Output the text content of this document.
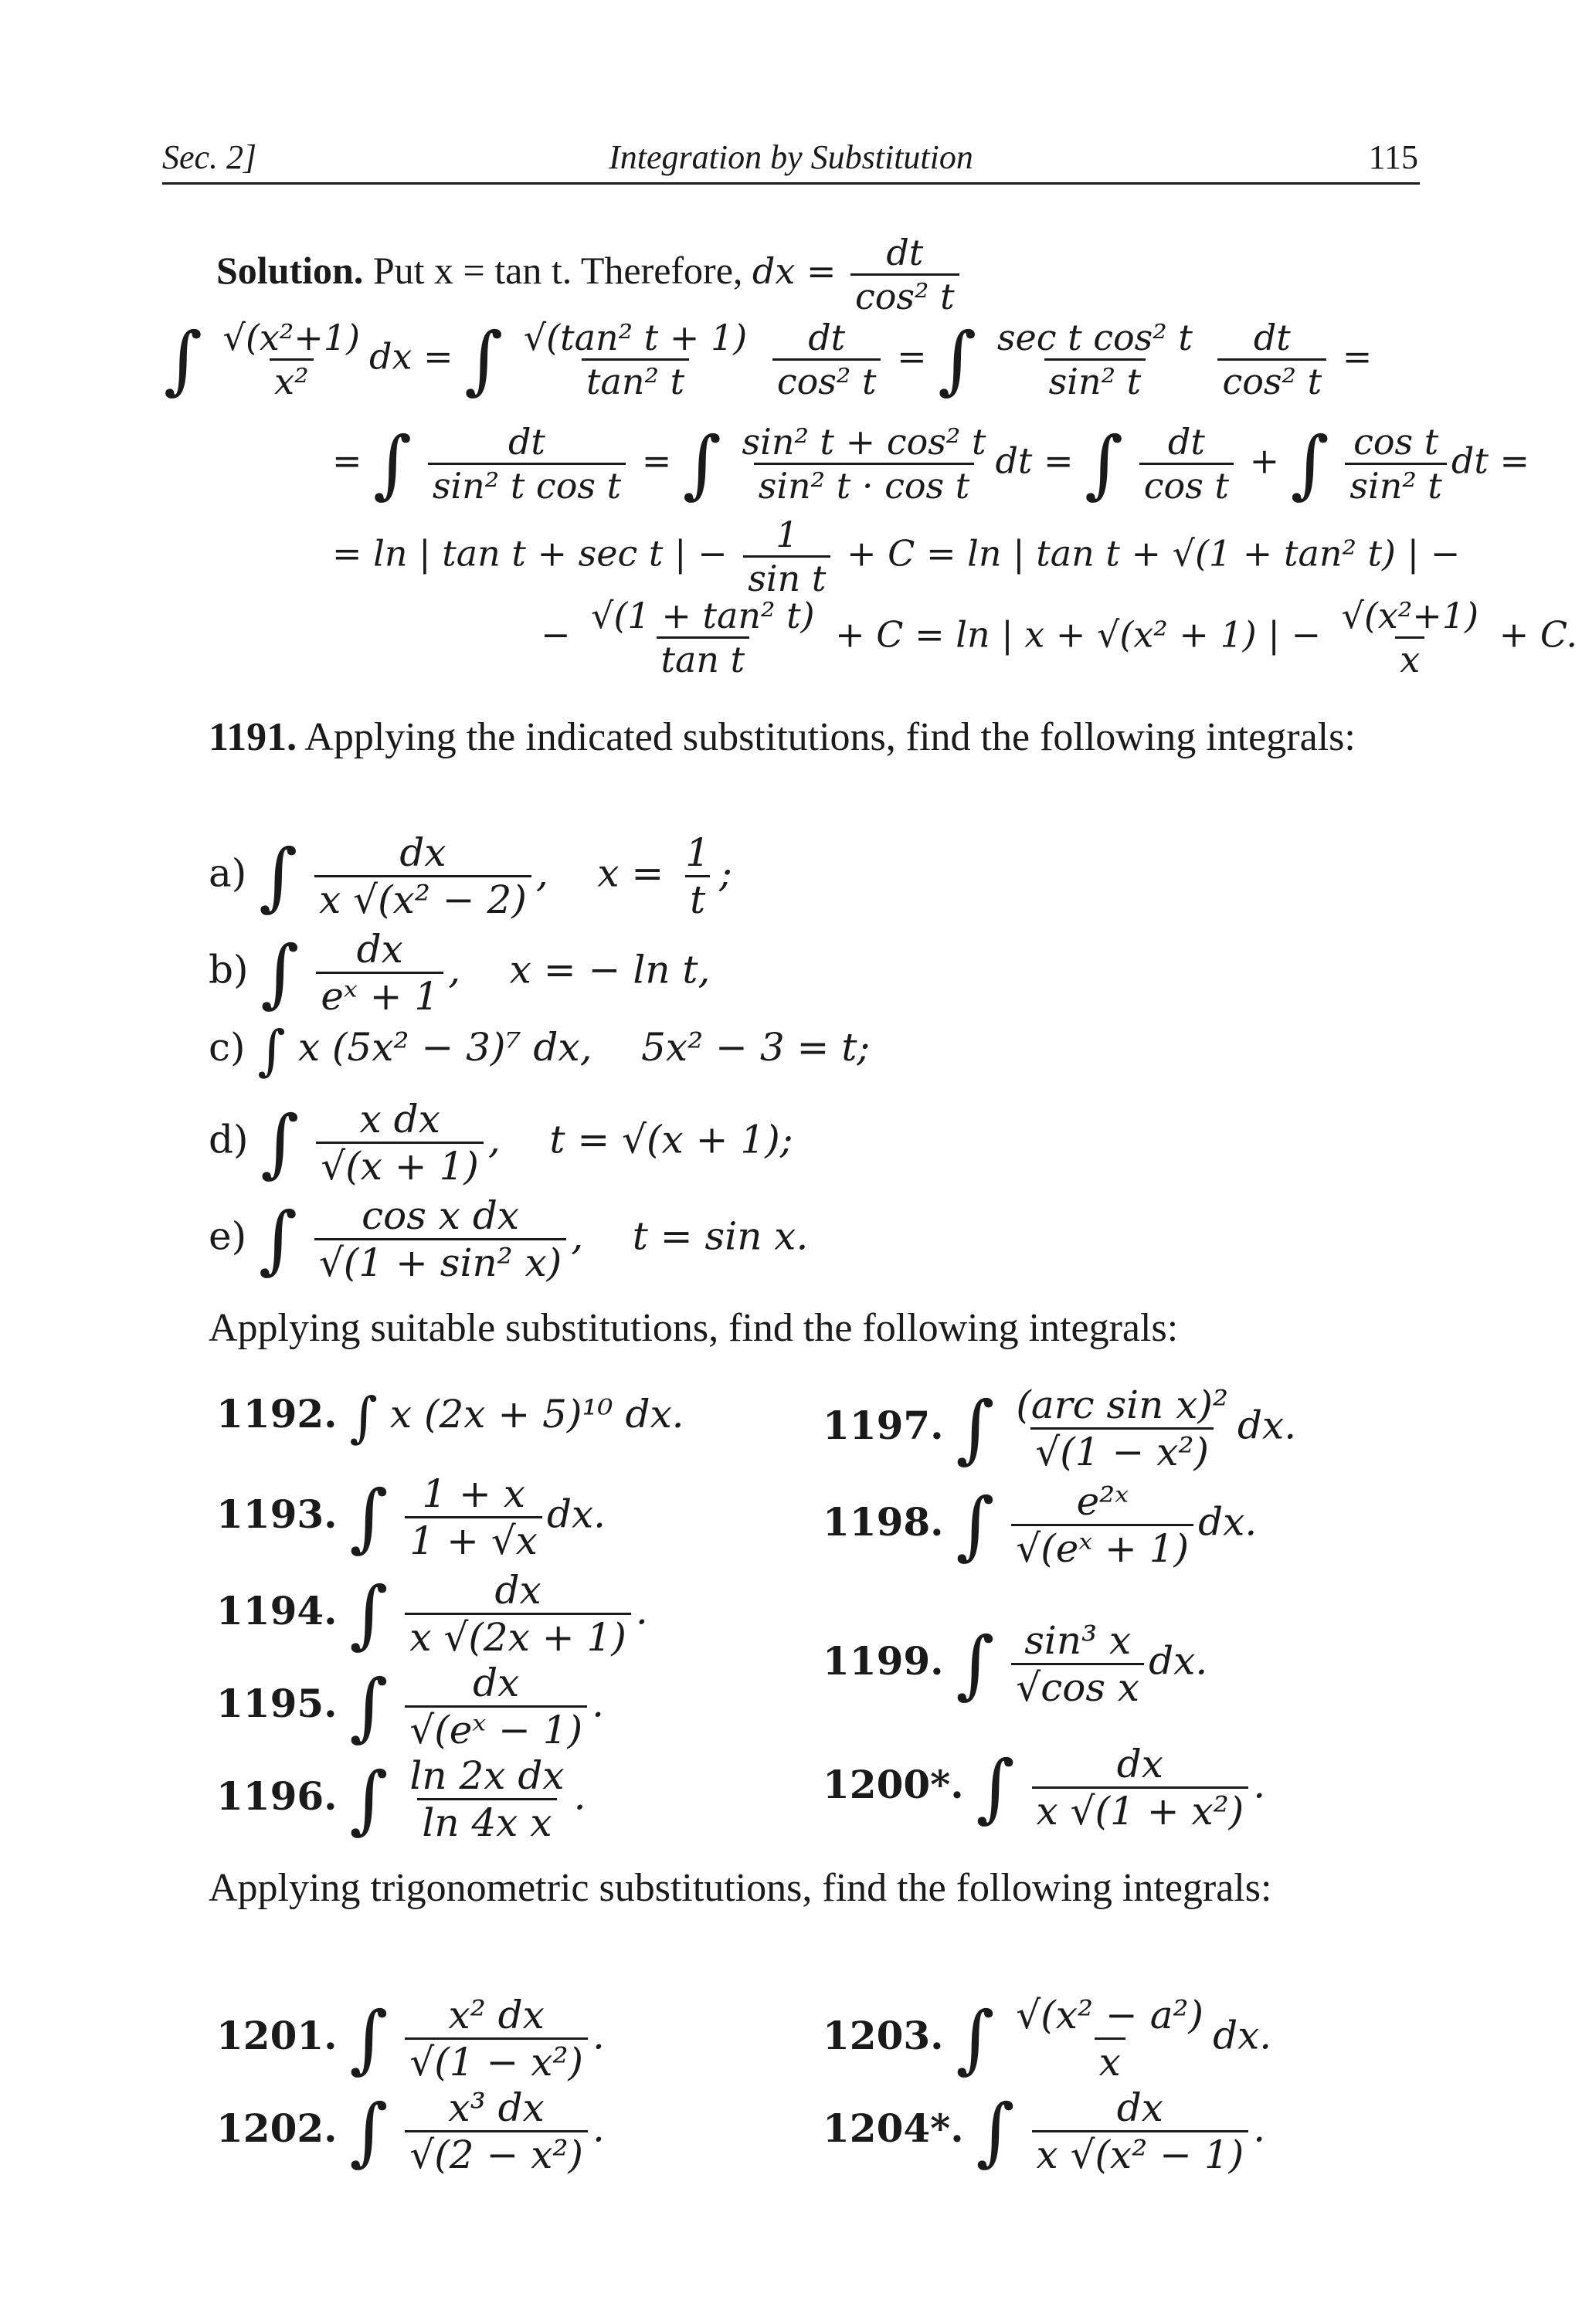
Sec. 2]	Integration by Substitution	115
Solution. Put x = tan t. Therefore, dx = $\frac{dt}{\text{cos² t}}$
∫ $\frac{\text{√(x²+1)}}{\text{x²}}$ dx = ∫ $\frac{\text{√(tan² t + 1)}}{\text{tan² t}}$
$\frac{dt}{\text{cos² t}}$ = ∫ $\frac{\text{sec t cos² t}}{\text{sin² t}}$
$\frac{dt}{\text{cos² t}}$ =
= ∫ $\frac{dt}{\text{sin² t cos t}}$ = ∫ $\frac{\text{sin² t + cos² t}}{\text{sin² t · cos t}}$ dt = ∫ $\frac{dt}{\text{cos t}}$ + ∫ $\frac{\text{cos t}}{\text{sin² t}}$ dt =
= ln | tan t + sec t | − $\frac{1}{\text{sin t}} + C = \ln$ | tan t + √(1 + tan² t) | −
− $\frac{\text{√(1 + tan² t)}}{\text{tan t}} + C = \ln$ | x + √(x² + 1) | − $\frac{\text{√(x²+1)}}{x} + C$.
1191. Applying the indicated substitutions, find the following integrals:
a) ∫ $\frac{dx}{\text{x √(x² − 2)}}$ ,    $x = \frac{1}{t}$ ;
b) ∫ $\frac{dx}{\text{eˣ + 1}}$ ,    x = − ln t,
c) ∫ x (5x² − 3)⁷ dx, 5x² − 3 = t;
d) ∫ $\frac{\text{x dx}}{√(x + 1)}$ ,    t = √(x + 1);
e) ∫ $\frac{\text{cos x dx}}{\text{√(1 + sin² x)}}$ ,    t = sin x.
Applying suitable substitutions, find the following integrals:
1192. ∫ x (2x + 5)¹⁰ dx.
1193. ∫ $\frac{1 + x}{1 + √x}$ dx.
1194. ∫ $\frac{dx}{x √(2x + 1)}$ .
1195. ∫ $\frac{dx}{\text{√(eˣ − 1)}}$ .
1196. ∫ $\frac{\text{ln 2x dx}}{\text{ln 4x x}}$ .
1197. ∫ $\frac{\text{(arc sin x)²}}{\text{√(1 − x²)}}$ dx.
1198. ∫ $\frac{\text{e²ˣ}}{\text{√(eˣ + 1)}}$ dx.
1199. ∫ $\frac{\text{sin³ x}}{\text{√cos x}}$ dx.
1200*. ∫ $\frac{dx}{\text{x √(1 + x²)}}$ .
Applying trigonometric substitutions, find the following integrals:
1201. ∫ $\frac{\text{x² dx}}{\text{√(1 − x²)}}$ .
1202. ∫ $\frac{\text{x³ dx}}{\text{√(2 − x²)}}$ .
1203. ∫ $\frac{\text{√(x² − a²)}}{x}$ dx.
1204*. ∫ $\frac{dx}{\text{x √(x² − 1)}}$ .
